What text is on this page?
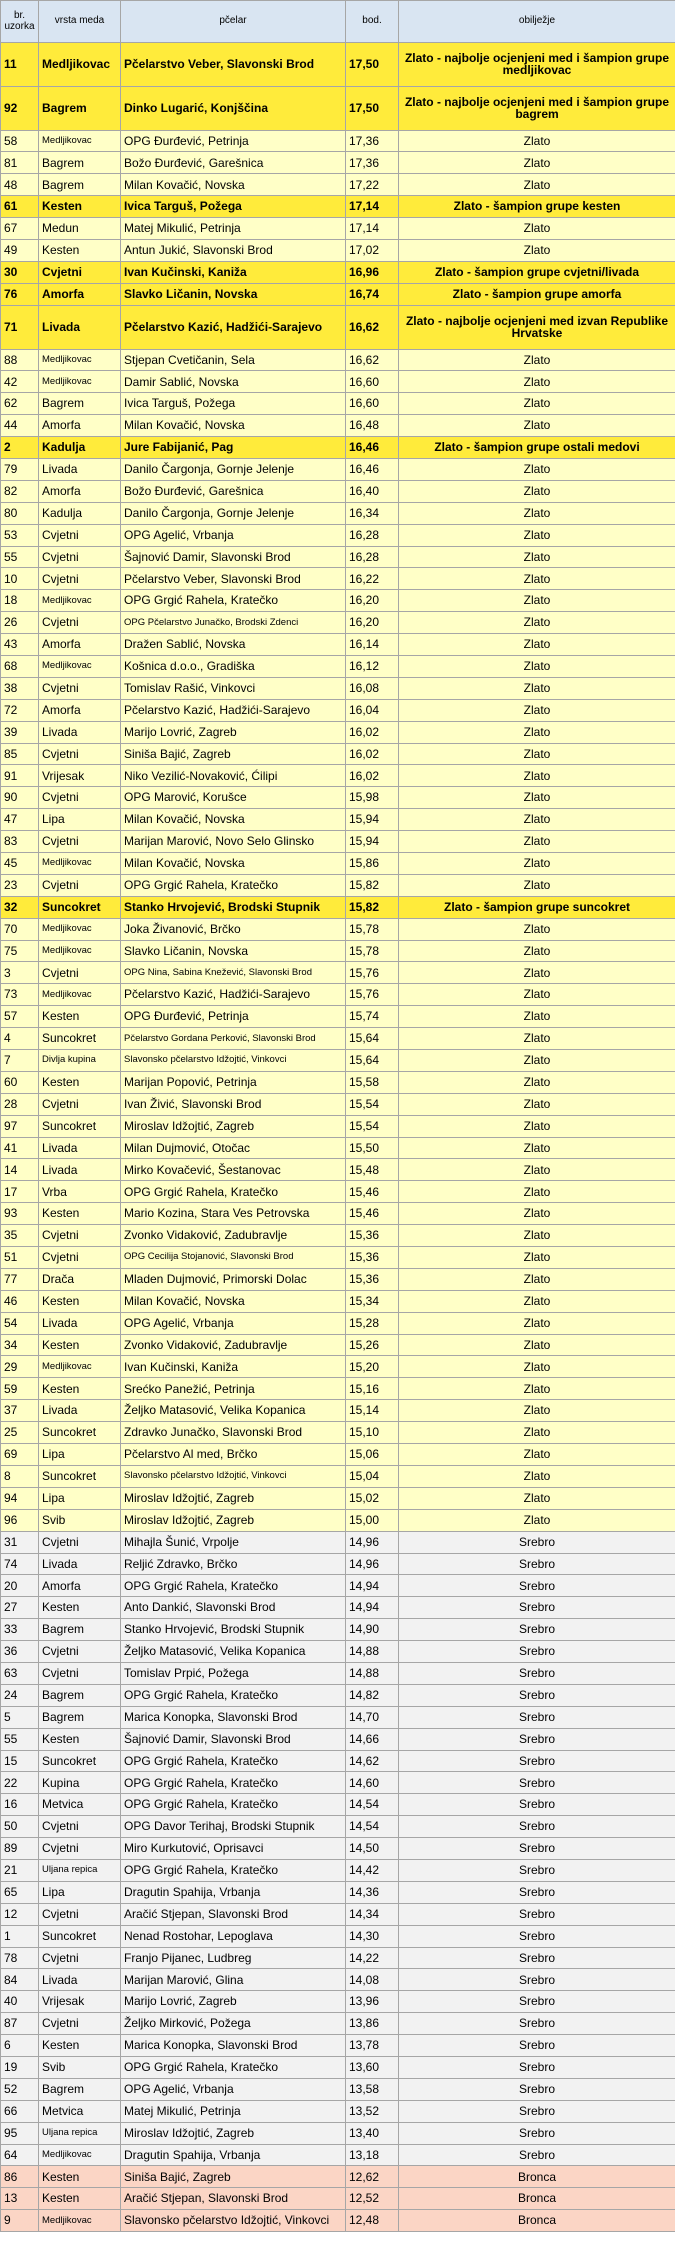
br. uzorka	vrsta meda	pčelar	bod.	obilježje
11	Medljikovac	Pčelarstvo Veber, Slavonski Brod	17,50	Zlato - najbolje ocjenjeni med i šampion grupe medljikovac
92	Bagrem	Dinko Lugarić, Konjščina	17,50	Zlato - najbolje ocjenjeni med i šampion grupe bagrem
58	Medljikovac	OPG Đurđević, Petrinja	17,36	Zlato
81	Bagrem	Božo Đurđević, Garešnica	17,36	Zlato
48	Bagrem	Milan Kovačić, Novska	17,22	Zlato
61	Kesten	Ivica Targuš, Požega	17,14	Zlato - šampion grupe kesten
67	Medun	Matej Mikulić, Petrinja	17,14	Zlato
49	Kesten	Antun Jukić, Slavonski Brod	17,02	Zlato
30	Cvjetni	Ivan Kučinski, Kaniža	16,96	Zlato - šampion grupe cvjetni/livada
76	Amorfa	Slavko Ličanin, Novska	16,74	Zlato - šampion grupe amorfa
71	Livada	Pčelarstvo Kazić, Hadžići-Sarajevo	16,62	Zlato - najbolje ocjenjeni med izvan Republike Hrvatske
88	Medljikovac	Stjepan Cvetičanin, Sela	16,62	Zlato
42	Medljikovac	Damir Sablić, Novska	16,60	Zlato
62	Bagrem	Ivica Targuš, Požega	16,60	Zlato
44	Amorfa	Milan Kovačić, Novska	16,48	Zlato
2	Kadulja	Jure Fabijanić, Pag	16,46	Zlato - šampion grupe ostali medovi
79	Livada	Danilo Čargonja, Gornje Jelenje	16,46	Zlato
82	Amorfa	Božo Đurđević, Garešnica	16,40	Zlato
80	Kadulja	Danilo Čargonja, Gornje Jelenje	16,34	Zlato
53	Cvjetni	OPG Agelić, Vrbanja	16,28	Zlato
55	Cvjetni	Šajnović Damir, Slavonski Brod	16,28	Zlato
10	Cvjetni	Pčelarstvo Veber, Slavonski Brod	16,22	Zlato
18	Medljikovac	OPG Grgić Rahela, Kratečko	16,20	Zlato
26	Cvjetni	OPG Pčelarstvo Junačko, Brodski Zdenci	16,20	Zlato
43	Amorfa	Dražen Sablić, Novska	16,14	Zlato
68	Medljikovac	Košnica d.o.o., Gradiška	16,12	Zlato
38	Cvjetni	Tomislav Rašić, Vinkovci	16,08	Zlato
72	Amorfa	Pčelarstvo Kazić, Hadžići-Sarajevo	16,04	Zlato
39	Livada	Marijo Lovrić, Zagreb	16,02	Zlato
85	Cvjetni	Siniša Bajić, Zagreb	16,02	Zlato
91	Vrijesak	Niko Vezilić-Novaković, Ćilipi	16,02	Zlato
90	Cvjetni	OPG Marović, Korušce	15,98	Zlato
47	Lipa	Milan Kovačić, Novska	15,94	Zlato
83	Cvjetni	Marijan Marović, Novo Selo Glinsko	15,94	Zlato
45	Medljikovac	Milan Kovačić, Novska	15,86	Zlato
23	Cvjetni	OPG Grgić Rahela, Kratečko	15,82	Zlato
32	Suncokret	Stanko Hrvojević, Brodski Stupnik	15,82	Zlato - šampion grupe suncokret
70	Medljikovac	Joka Živanović, Brčko	15,78	Zlato
75	Medljikovac	Slavko Ličanin, Novska	15,78	Zlato
3	Cvjetni	OPG Nina, Sabina Knežević, Slavonski Brod	15,76	Zlato
73	Medljikovac	Pčelarstvo Kazić, Hadžići-Sarajevo	15,76	Zlato
57	Kesten	OPG Đurđević, Petrinja	15,74	Zlato
4	Suncokret	Pčelarstvo Gordana Perković, Slavonski Brod	15,64	Zlato
7	Divlja kupina	Slavonsko pčelarstvo Idžojtić, Vinkovci	15,64	Zlato
60	Kesten	Marijan Popović, Petrinja	15,58	Zlato
28	Cvjetni	Ivan Živić, Slavonski Brod	15,54	Zlato
97	Suncokret	Miroslav Idžojtić, Zagreb	15,54	Zlato
41	Livada	Milan Dujmović, Otočac	15,50	Zlato
14	Livada	Mirko Kovačević, Šestanovac	15,48	Zlato
17	Vrba	OPG Grgić Rahela, Kratečko	15,46	Zlato
93	Kesten	Mario Kozina, Stara Ves Petrovska	15,46	Zlato
35	Cvjetni	Zvonko Vidaković, Zadubravlje	15,36	Zlato
51	Cvjetni	OPG Cecilija Stojanović, Slavonski Brod	15,36	Zlato
77	Drača	Mladen Dujmović, Primorski Dolac	15,36	Zlato
46	Kesten	Milan Kovačić, Novska	15,34	Zlato
54	Livada	OPG Agelić, Vrbanja	15,28	Zlato
34	Kesten	Zvonko Vidaković, Zadubravlje	15,26	Zlato
29	Medljikovac	Ivan Kučinski, Kaniža	15,20	Zlato
59	Kesten	Srećko Panežić, Petrinja	15,16	Zlato
37	Livada	Željko Matasović, Velika Kopanica	15,14	Zlato
25	Suncokret	Zdravko Junačko, Slavonski Brod	15,10	Zlato
69	Lipa	Pčelarstvo Al med, Brčko	15,06	Zlato
8	Suncokret	Slavonsko pčelarstvo Idžojtić, Vinkovci	15,04	Zlato
94	Lipa	Miroslav Idžojtić, Zagreb	15,02	Zlato
96	Svib	Miroslav Idžojtić, Zagreb	15,00	Zlato
31	Cvjetni	Mihajla Šunić, Vrpolje	14,96	Srebro
74	Livada	Reljić Zdravko, Brčko	14,96	Srebro
20	Amorfa	OPG Grgić Rahela, Kratečko	14,94	Srebro
27	Kesten	Anto Dankić, Slavonski Brod	14,94	Srebro
33	Bagrem	Stanko Hrvojević, Brodski Stupnik	14,90	Srebro
36	Cvjetni	Željko Matasović, Velika Kopanica	14,88	Srebro
63	Cvjetni	Tomislav Prpić, Požega	14,88	Srebro
24	Bagrem	OPG Grgić Rahela, Kratečko	14,82	Srebro
5	Bagrem	Marica Konopka, Slavonski Brod	14,70	Srebro
55	Kesten	Šajnović Damir, Slavonski Brod	14,66	Srebro
15	Suncokret	OPG Grgić Rahela, Kratečko	14,62	Srebro
22	Kupina	OPG Grgić Rahela, Kratečko	14,60	Srebro
16	Metvica	OPG Grgić Rahela, Kratečko	14,54	Srebro
50	Cvjetni	OPG Davor Terihaj, Brodski Stupnik	14,54	Srebro
89	Cvjetni	Miro Kurkutović, Oprisavci	14,50	Srebro
21	Uljana repica	OPG Grgić Rahela, Kratečko	14,42	Srebro
65	Lipa	Dragutin Spahija, Vrbanja	14,36	Srebro
12	Cvjetni	Aračić Stjepan, Slavonski Brod	14,34	Srebro
1	Suncokret	Nenad Rostohar, Lepoglava	14,30	Srebro
78	Cvjetni	Franjo Pijanec, Ludbreg	14,22	Srebro
84	Livada	Marijan Marović, Glina	14,08	Srebro
40	Vrijesak	Marijo Lovrić, Zagreb	13,96	Srebro
87	Cvjetni	Željko Mirković, Požega	13,86	Srebro
6	Kesten	Marica Konopka, Slavonski Brod	13,78	Srebro
19	Svib	OPG Grgić Rahela, Kratečko	13,60	Srebro
52	Bagrem	OPG Agelić, Vrbanja	13,58	Srebro
66	Metvica	Matej Mikulić, Petrinja	13,52	Srebro
95	Uljana repica	Miroslav Idžojtić, Zagreb	13,40	Srebro
64	Medljikovac	Dragutin Spahija, Vrbanja	13,18	Srebro
86	Kesten	Siniša Bajić, Zagreb	12,62	Bronca
13	Kesten	Aračić Stjepan, Slavonski Brod	12,52	Bronca
9	Medljikovac	Slavonsko pčelarstvo Idžojtić, Vinkovci	12,48	Bronca
